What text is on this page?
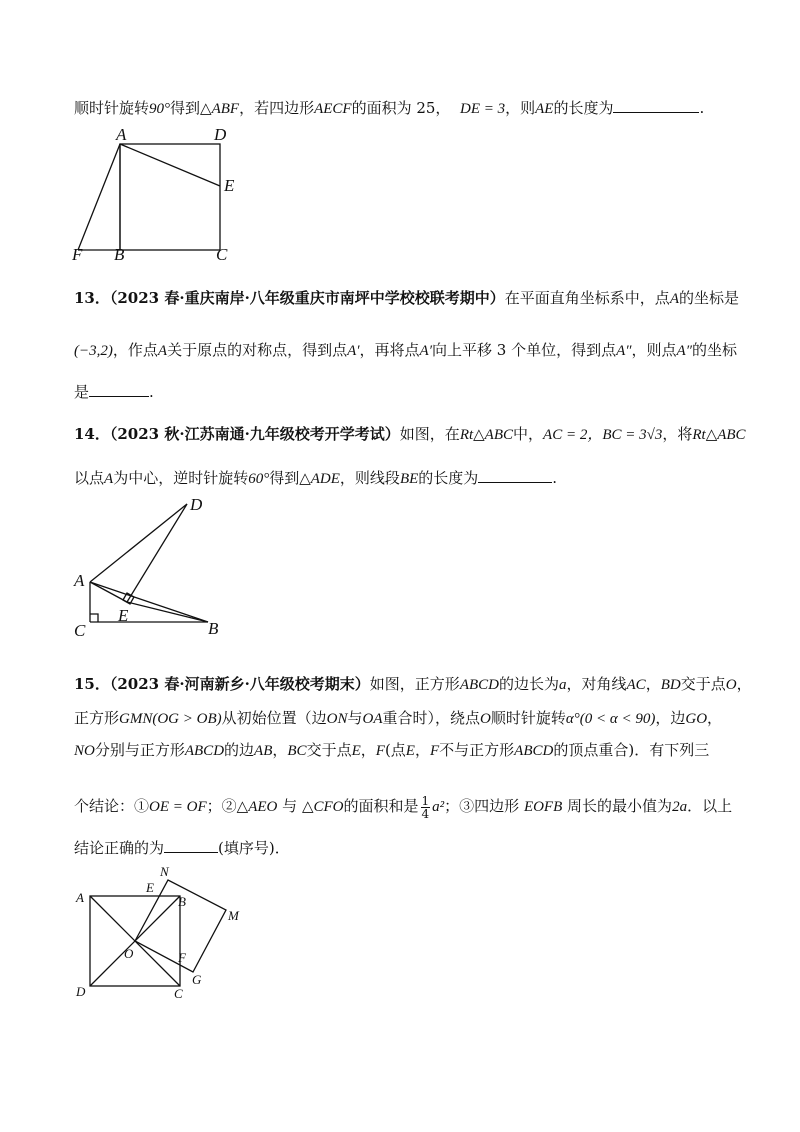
顺时针旋转90°得到△ABF，若四边形AECF的面积为 25， DE = 3，则AE的长度为	.
A	D
E
F B	C
13．（2023 春·重庆南岸·八年级重庆市南坪中学校校联考期中）在平面直角坐标系中，点A的坐标是
(−3,2)，作点A关于原点的对称点，得到点A′，再将点A′向上平移 3 个单位，得到点A″，则点A″的坐标
是	.
14．（2023 秋·江苏南通·九年级校考开学考试）如图，在Rt△ABC中，AC = 2，BC = 3√3，将Rt△ABC
以点A为中心，逆时针旋转60°得到△ADE，则线段BE的长度为	.
D
A
E
C	B
15．（2023 春·河南新乡·八年级校考期末）如图，正方形ABCD的边长为a，对角线AC，BD交于点O，
正方形GMN(OG > OB)从初始位置（边ON与OA重合时），绕点O顺时针旋转α°(0 < α < 90)，边GO，
NO分别与正方形ABCD的边AB，BC交于点E，F(点E，F不与正方形ABCD的顶点重合)．有下列三
个结论：①OE = OF；②△AEO 与 △CFO的面积和是 $\frac{1}{4} a^2$；③四边形 EOFB 周长的最小值为2a．以上
结论正确的为	(填序号)．
A
N
E
B
M
O	F
G
D	C
